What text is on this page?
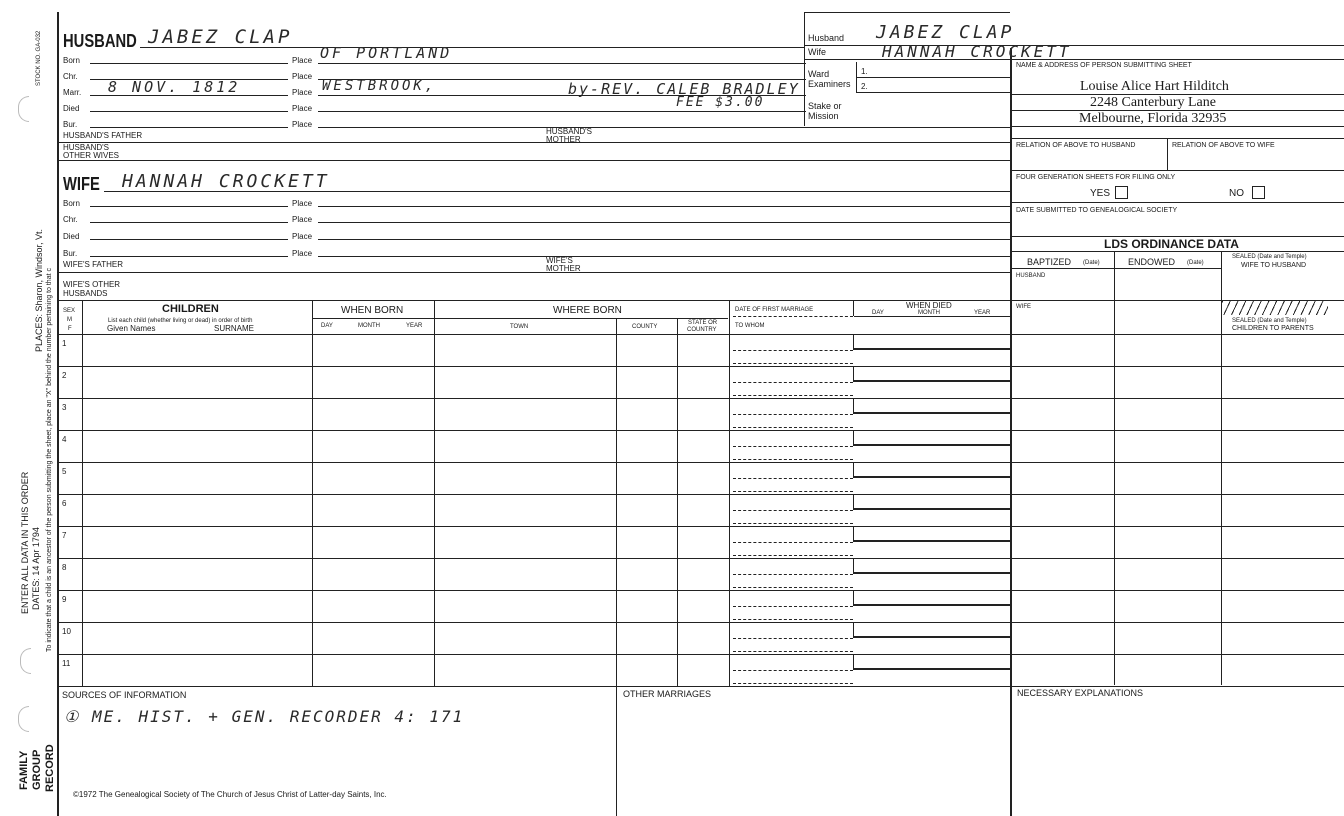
STOCK NO. GA-032
PLACES: Sharon, Windsor, Vt.
ENTER ALL DATA IN THIS ORDER DATES: 14 Apr 1794 To indicate that a child is an ancestor of the person submitting the sheet, place an "X" behind the number pertaining to that c
FAMILY GROUP RECORD
HUSBAND JABEZ CLAP
Born	Place OF PORTLAND
Chr.	Place
Marr. 8 NOV. 1812	Place WESTBROOK,	by-REV. CALEB BRADLEY
FEE $3.00
Died	Place
Bur.	Place
HUSBAND'S FATHER	HUSBAND'S
MOTHER
HUSBAND'S
OTHER WIVES
WIFE HANNAH CROCKETT
Born	Place
Chr.	Place
Died	Place
Bur.	Place
WIFE'S FATHER	WIFE'S
MOTHER
WIFE'S OTHER
HUSBANDS
Husband JABEZ CLAP
Wife	HANNAH CROCKETT
Ward
Examiners
1.
2.
Stake or
Mission
NAME & ADDRESS OF PERSON SUBMITTING SHEET
Louise Alice Hart Hilditch
2248 Canterbury Lane
Melbourne, Florida 32935
RELATION OF ABOVE TO HUSBAND	RELATION OF ABOVE TO WIFE
FOUR GENERATION SHEETS FOR FILING ONLY
YES	NO
DATE SUBMITTED TO GENEALOGICAL SOCIETY
LDS ORDINANCE DATA
BAPTIZED (Date)	ENDOWED (Date)
SEALED (Date and Temple)
WIFE TO HUSBAND
HUSBAND
WIFE
SEALED (Date and Temple)
CHILDREN TO PARENTS
SEX
M
F
CHILDREN
List each child (whether living or dead) in order of birth
Given Names	SURNAME
WHEN BORN
DAY	MONTH	YEAR
WHERE BORN
TOWN	COUNTY
STATE OR
COUNTRY
DATE OF FIRST MARRIAGE
TO WHOM
WHEN DIED
DAY	MONTH	YEAR
1
2
3
4
5
6
7
8
9
10
11
SOURCES OF INFORMATION
① ME. HIST. + GEN. RECORDER 4: 171
OTHER MARRIAGES	NECESSARY EXPLANATIONS
©1972 The Genealogical Society of The Church of Jesus Christ of Latter-day Saints, Inc.
